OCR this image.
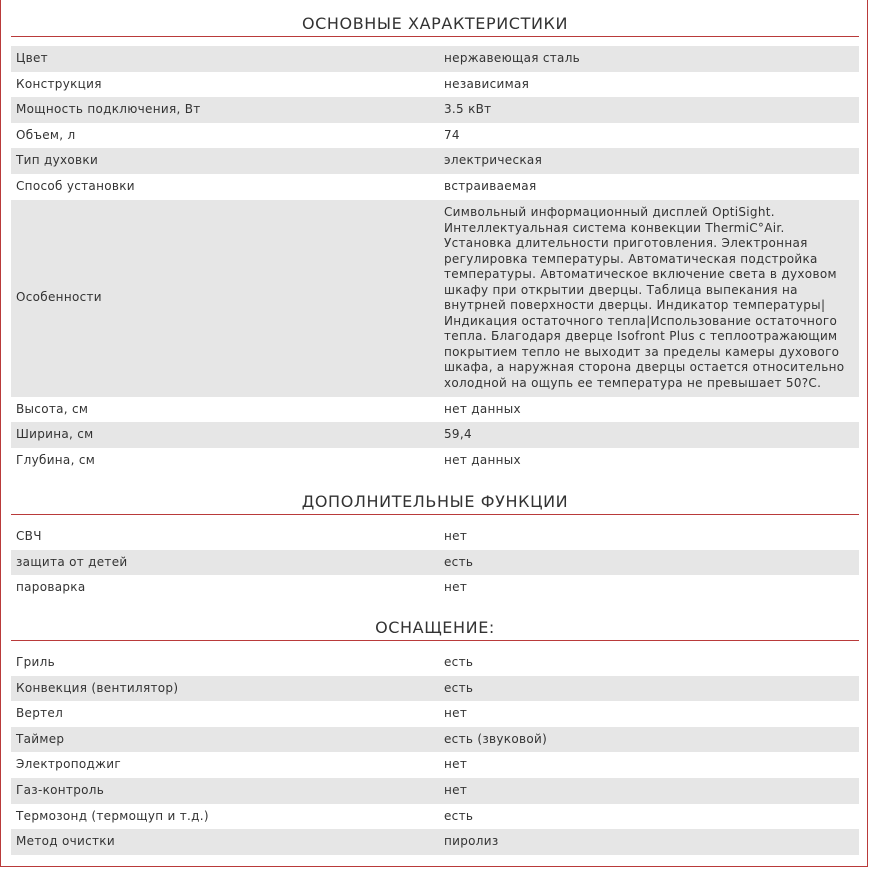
ОСНОВНЫЕ ХАРАКТЕРИСТИКИ
Цвет	нержавеющая сталь
Конструкция	независимая
Мощность подключения, Вт	3.5 кВт
Объем, л	74
Тип духовки	электрическая
Способ установки	встраиваемая
Особенности	Символьный информационный дисплей OptiSight. Интеллектуальная система конвекции ThermiC°Air. Установка длительности приготовления. Электронная регулировка температуры. Автоматическая подстройка температуры. Автоматическое включение света в духовом шкафу при открытии дверцы. Таблица выпекания на внутрней поверхности дверцы. Индикатор температуры|Индикация остаточного тепла|Использование остаточного тепла. Благодаря дверце Isofront Plus с теплоотражающим покрытием тепло не выходит за пределы камеры духового шкафа, а наружная сторона дверцы остается относительно холодной на ощупь ее температура не превышает 50?C.
Высота, см	нет данных
Ширина, см	59,4
Глубина, см	нет данных
ДОПОЛНИТЕЛЬНЫЕ ФУНКЦИИ
СВЧ	нет
защита от детей	есть
пароварка	нет
ОСНАЩЕНИЕ:
Гриль	есть
Конвекция (вентилятор)	есть
Вертел	нет
Таймер	есть (звуковой)
Электроподжиг	нет
Газ-контроль	нет
Термозонд (термощуп и т.д.)	есть
Метод очистки	пиролиз
